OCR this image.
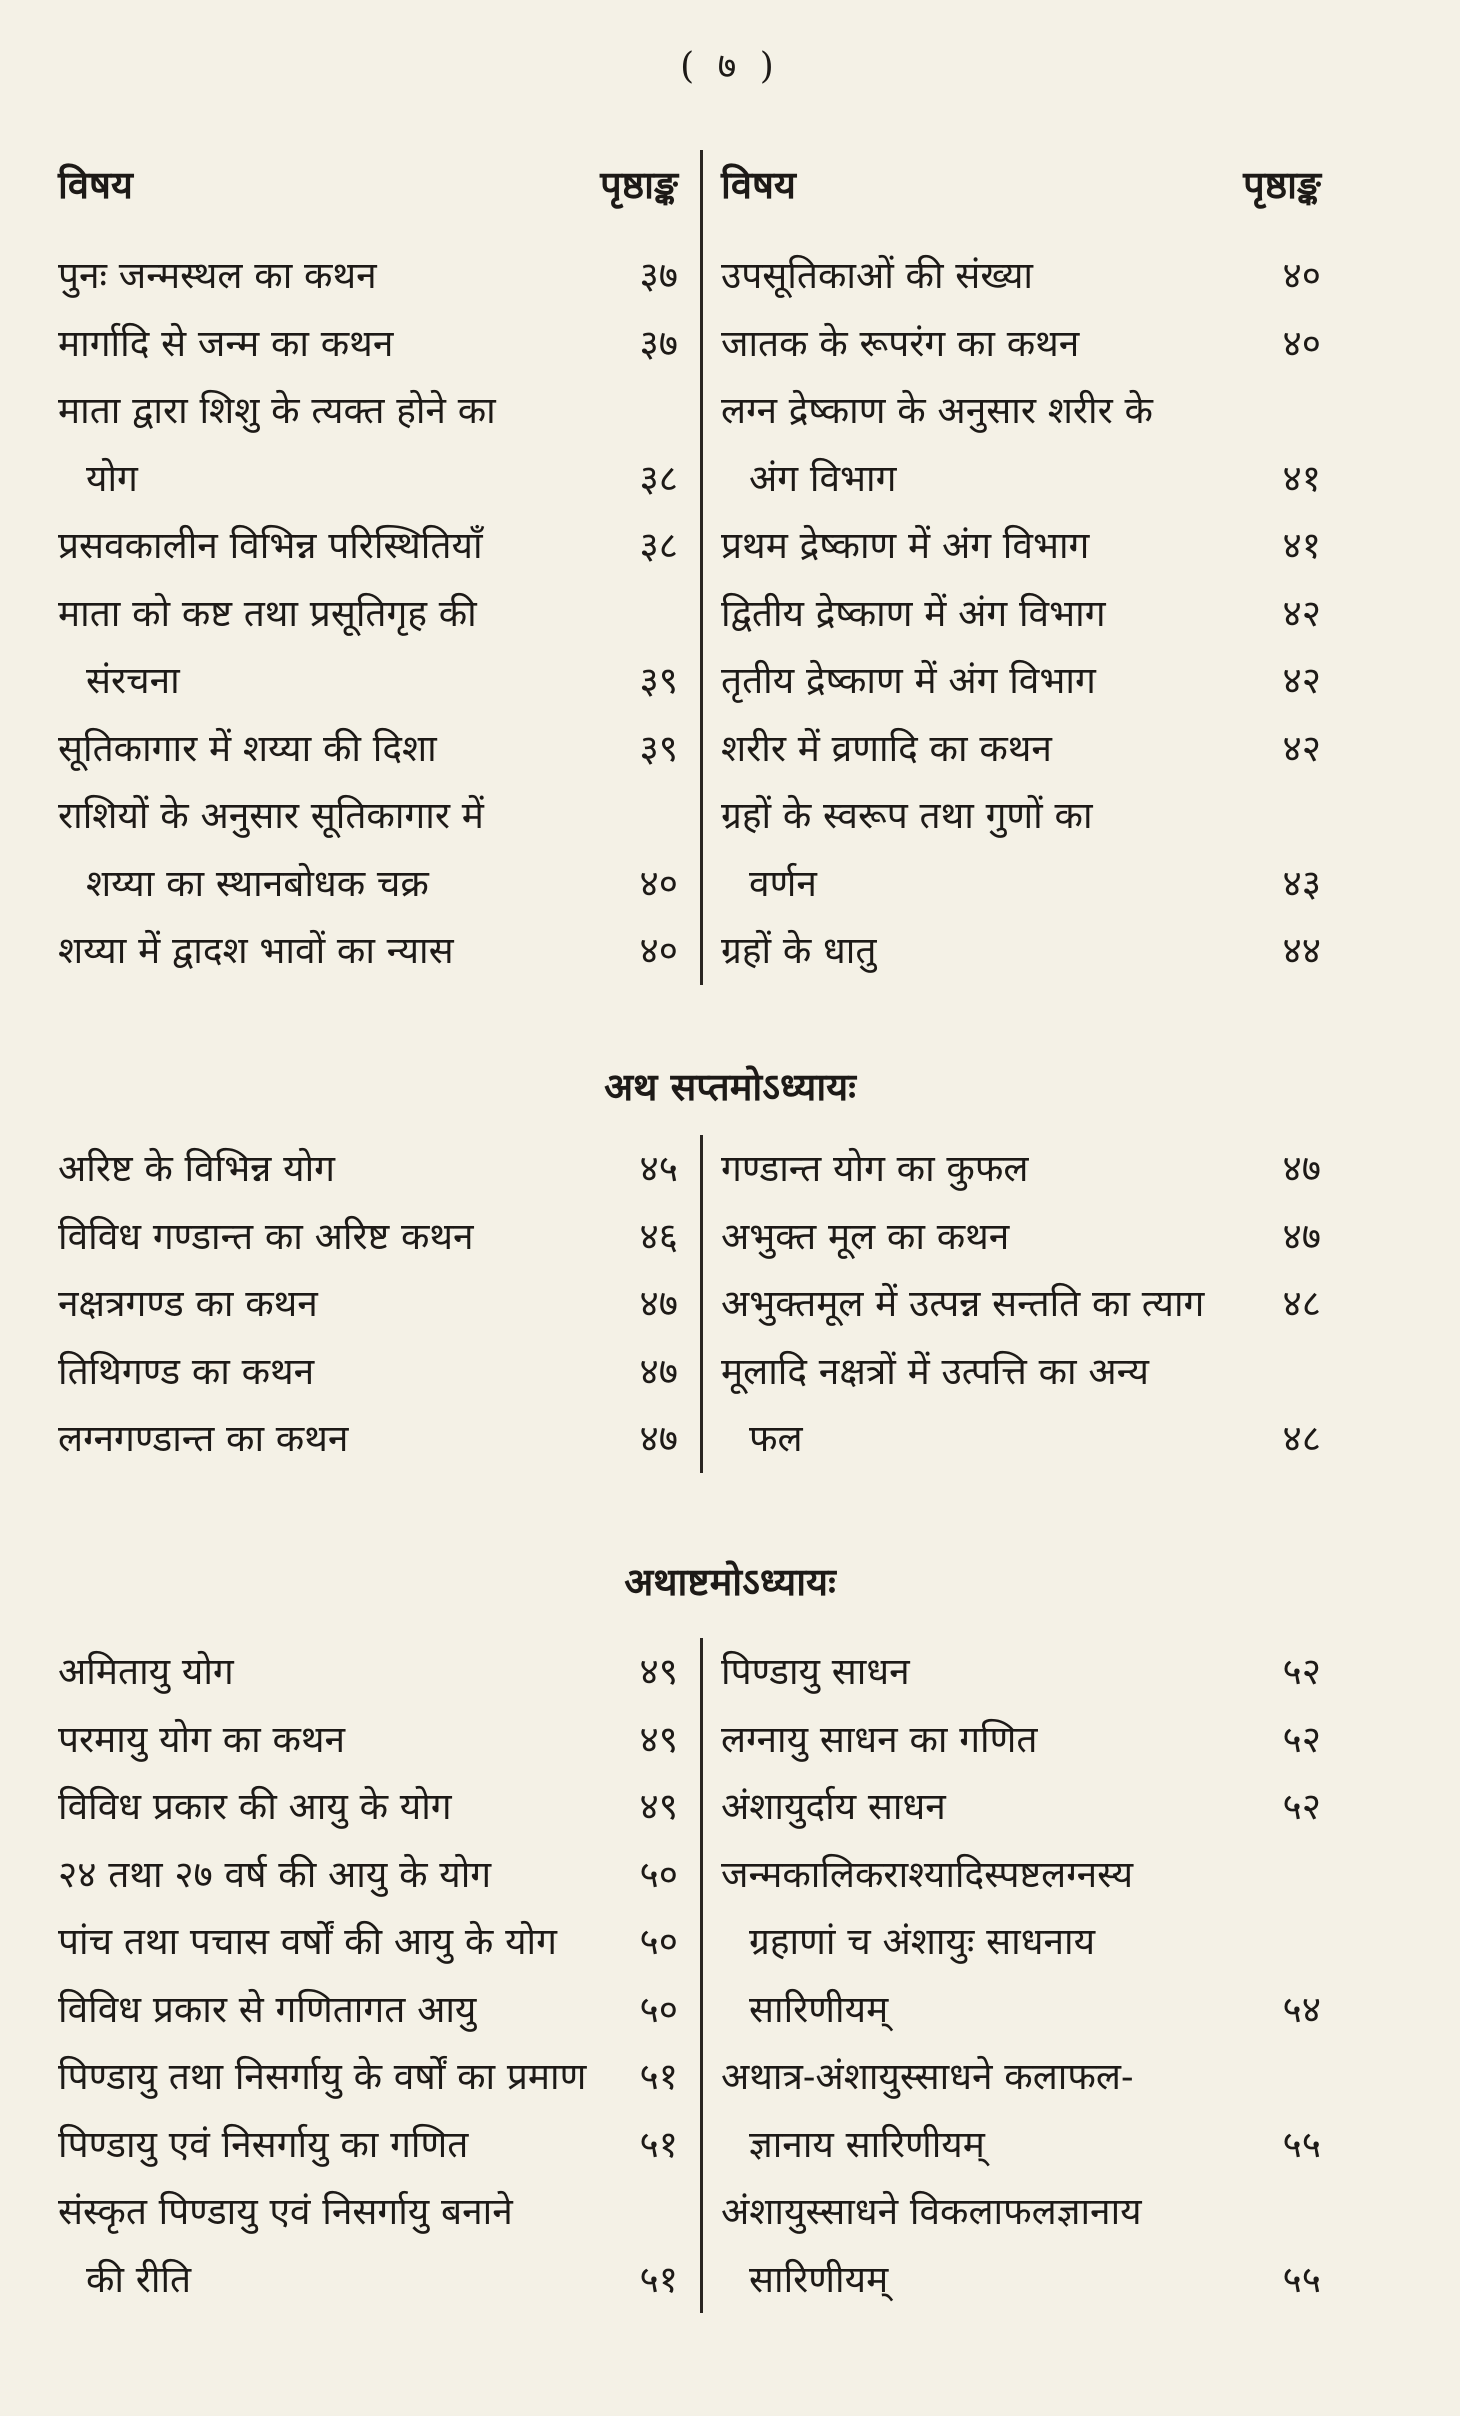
( ७ )
विषय	पृष्ठाङ्क
पुनः जन्मस्थल का कथन	३७
मार्गादि से जन्म का कथन	३७
माता द्वारा शिशु के त्यक्त होने का
योग	३८
प्रसवकालीन विभिन्न परिस्थितियाँ	३८
माता को कष्ट तथा प्रसूतिगृह की
संरचना	३९
सूतिकागार में शय्या की दिशा	३९
राशियों के अनुसार सूतिकागार में
शय्या का स्थानबोधक चक्र	४०
शय्या में द्वादश भावों का न्यास	४०
विषय	पृष्ठाङ्क
उपसूतिकाओं की संख्या	४०
जातक के रूपरंग का कथन	४०
लग्न द्रेष्काण के अनुसार शरीर के
अंग विभाग	४१
प्रथम द्रेष्काण में अंग विभाग	४१
द्वितीय द्रेष्काण में अंग विभाग	४२
तृतीय द्रेष्काण में अंग विभाग	४२
शरीर में व्रणादि का कथन	४२
ग्रहों के स्वरूप तथा गुणों का
वर्णन	४३
ग्रहों के धातु	४४
अथ सप्तमोऽध्यायः
अरिष्ट के विभिन्न योग	४५
विविध गण्डान्त का अरिष्ट कथन	४६
नक्षत्रगण्ड का कथन	४७
तिथिगण्ड का कथन	४७
लग्नगण्डान्त का कथन	४७
गण्डान्त योग का कुफल	४७
अभुक्त मूल का कथन	४७
अभुक्तमूल में उत्पन्न सन्तति का त्याग	४८
मूलादि नक्षत्रों में उत्पत्ति का अन्य
फल	४८
अथाष्टमोऽध्यायः
अमितायु योग	४९
परमायु योग का कथन	४९
विविध प्रकार की आयु के योग	४९
२४ तथा २७ वर्ष की आयु के योग	५०
पांच तथा पचास वर्षों की आयु के योग	५०
विविध प्रकार से गणितागत आयु	५०
पिण्डायु तथा निसर्गायु के वर्षों का प्रमाण	५१
पिण्डायु एवं निसर्गायु का गणित	५१
संस्कृत पिण्डायु एवं निसर्गायु बनाने
की रीति	५१
पिण्डायु साधन	५२
लग्नायु साधन का गणित	५२
अंशायुर्दाय साधन	५२
जन्मकालिकराश्यादिस्पष्टलग्नस्य
ग्रहाणां च अंशायुः साधनाय
सारिणीयम्	५४
अथात्र-अंशायुस्साधने कलाफल-
ज्ञानाय सारिणीयम्	५५
अंशायुस्साधने विकलाफलज्ञानाय
सारिणीयम्	५५
